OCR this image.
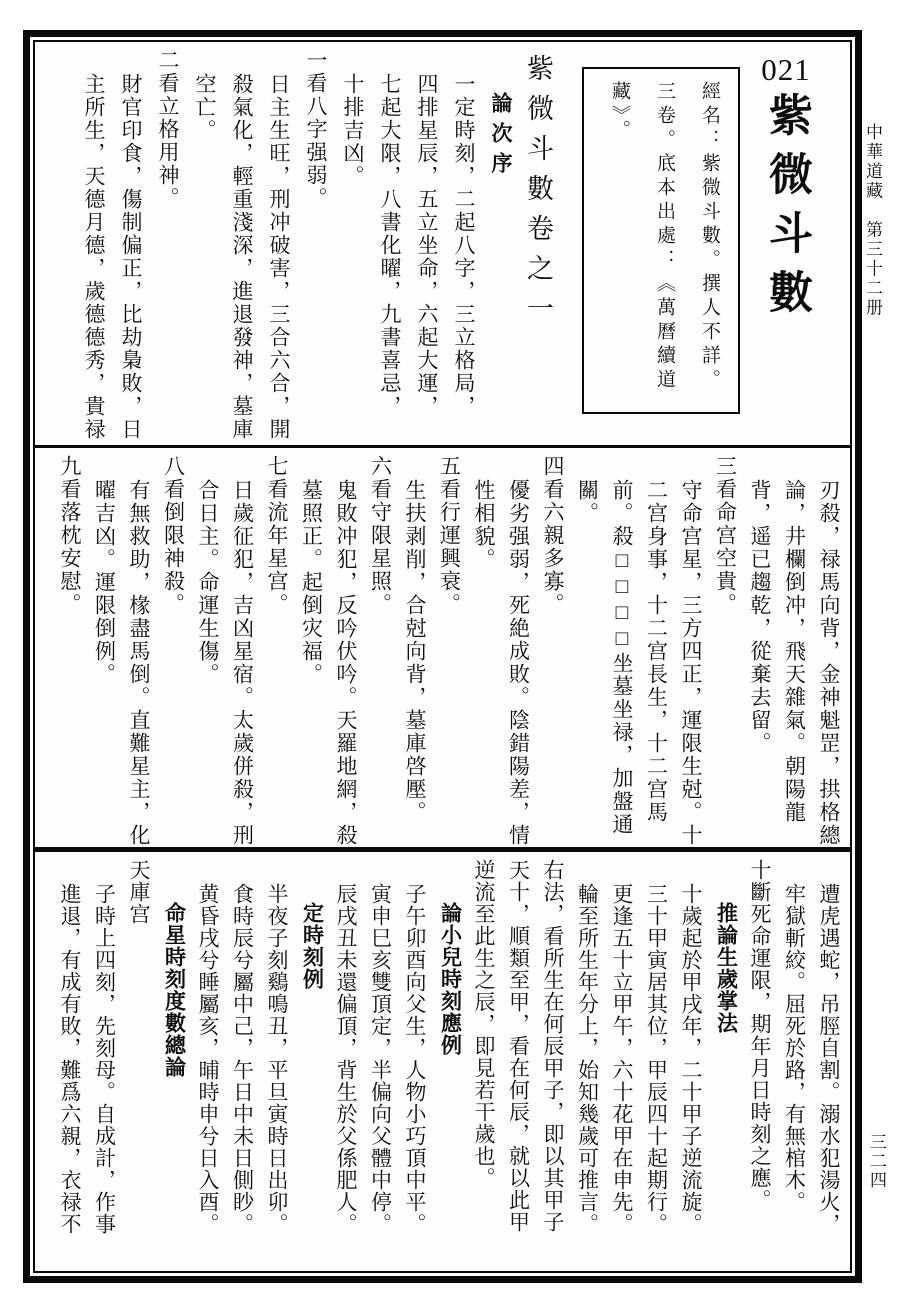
021
紫微斗數
經名：紫微斗數。撰人不詳。
三卷。底本出處：《萬曆續道
藏》。
紫微斗數卷之一
論次序
一定時刻，二起八字，三立格局，
四排星辰，五立坐命，六起大運，
七起大限，八書化曜，九書喜忌，
十排吉凶。
一看八字强弱。
日主生旺，刑冲破害，三合六合，開
殺氣化，輕重淺深，進退發神，墓庫
空亡。
二看立格用神。
財官印食，傷制偏正，比劫梟敗，日
主所生，天德月德，歲德德秀，貴禄
刃殺，禄馬向背，金神魁罡，拱格總
論，井欄倒冲，飛天雜氣。朝陽龍
背，遥已趨乾，從棄去留。
三看命宫空貴。
守命宫星，三方四正，運限生尅。十
二宫身事，十二宫長生，十二宫馬
前。殺□□□□坐墓坐禄，加盤通
關。
四看六親多寡。
優劣强弱，死絶成敗。陰錯陽差，情
性相貌。
五看行運興衰。
生扶剥削，合尅向背，墓庫啓壓。
六看守限星照。
鬼敗冲犯，反吟伏吟。天羅地網，殺
墓照正。起倒灾福。
七看流年星宫。
日歲征犯，吉凶星宿。太歲併殺，刑
合日主。命運生傷。
八看倒限神殺。
有無救助，椽盡馬倒。直難星主，化
曜吉凶。運限倒例。
九看落枕安慰。
遭虎遇蛇，吊脛自割。溺水犯湯火，
牢獄斬絞。屈死於路，有無棺木。
十斷死命運限，期年月日時刻之應。
推論生歲掌法
十歲起於甲戌年，二十甲子逆流旋。
三十甲寅居其位，甲辰四十起期行。
更逢五十立甲午，六十花甲在申先。
輪至所生年分上，始知幾歲可推言。
右法，看所生在何辰甲子，即以其甲子
天十，順類至甲，看在何辰，就以此甲
逆流至此生之辰，即見若干歲也。
論小兒時刻應例
子午卯酉向父生，人物小巧頂中平。
寅申巳亥雙頂定，半偏向父體中停。
辰戌丑未還偏頂，背生於父係肥人。
定時刻例
半夜子刻鷄鳴丑，平旦寅時日出卯。
食時辰兮屬中己，午日中未日側眇。
黄昏戌兮睡屬亥，晡時申兮日入酉。
命星時刻度數總論
天庫宫
子時上四刻，先刻母。自成計，作事
進退，有成有敗，難爲六親，衣禄不
中華道藏　第三十二册
三二四
